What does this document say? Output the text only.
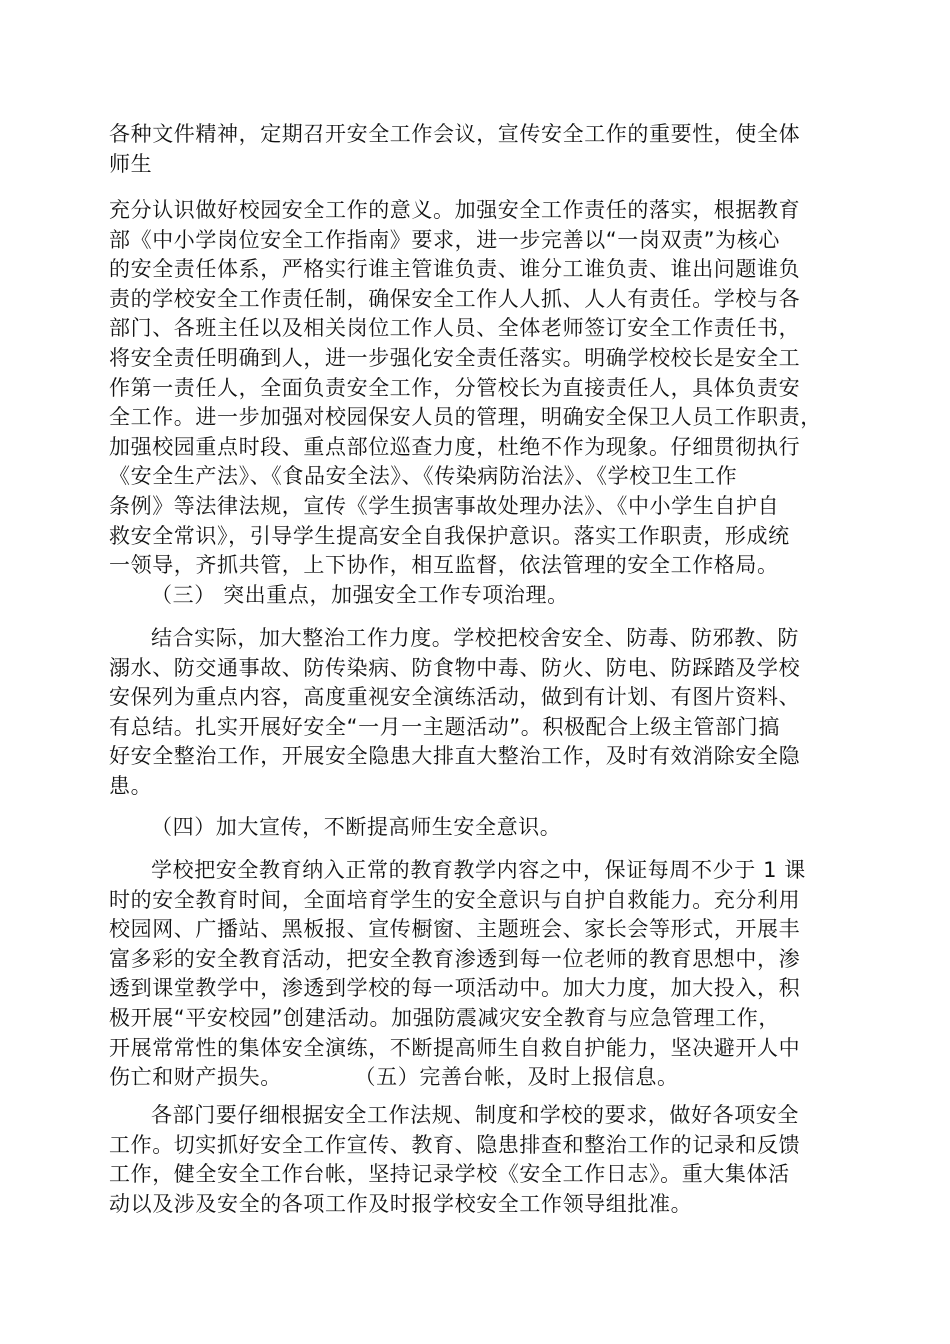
各种文件精神，定期召开安全工作会议，宣传安全工作的重要性，使全体
师生
充分认识做好校园安全工作的意义。加强安全工作责任的落实，根据教育
部《中小学岗位安全工作指南》要求，进一步完善以“一岗双责”为核心
的安全责任体系，严格实行谁主管谁负责、谁分工谁负责、谁出问题谁负
责的学校安全工作责任制，确保安全工作人人抓、人人有责任。学校与各
部门、各班主任以及相关岗位工作人员、全体老师签订安全工作责任书，
将安全责任明确到人，进一步强化安全责任落实。明确学校校长是安全工
作第一责任人，全面负责安全工作，分管校长为直接责任人，具体负责安
全工作。进一步加强对校园保安人员的管理，明确安全保卫人员工作职责，
加强校园重点时段、重点部位巡查力度，杜绝不作为现象。仔细贯彻执行
《安全生产法》、《食品安全法》、《传染病防治法》、《学校卫生工作
条例》等法律法规，宣传《学生损害事故处理办法》、《中小学生自护自
救安全常识》，引导学生提高安全自我保护意识。落实工作职责，形成统
一领导，齐抓共管，上下协作，相互监督，依法管理的安全工作格局。
（三） 突出重点，加强安全工作专项治理。
结合实际，加大整治工作力度。学校把校舍安全、防毒、防邪教、防
溺水、防交通事故、防传染病、防食物中毒、防火、防电、防踩踏及学校
安保列为重点内容，高度重视安全演练活动，做到有计划、有图片资料、
有总结。扎实开展好安全“一月一主题活动”。积极配合上级主管部门搞
好安全整治工作，开展安全隐患大排直大整治工作，及时有效消除安全隐
患。
（四）加大宣传，不断提高师生安全意识。
学校把安全教育纳入正常的教育教学内容之中，保证每周不少于 1 课
时的安全教育时间，全面培育学生的安全意识与自护自救能力。充分利用
校园网、广播站、黑板报、宣传橱窗、主题班会、家长会等形式，开展丰
富多彩的安全教育活动，把安全教育渗透到每一位老师的教育思想中，渗
透到课堂教学中，渗透到学校的每一项活动中。加大力度，加大投入，积
极开展“平安校园”创建活动。加强防震减灾安全教育与应急管理工作，
开展常常性的集体安全演练，不断提高师生自救自护能力，坚决避开人中
伤亡和财产损失。          （五）完善台帐，及时上报信息。
各部门要仔细根据安全工作法规、制度和学校的要求，做好各项安全
工作。切实抓好安全工作宣传、教育、隐患排查和整治工作的记录和反馈
工作，健全安全工作台帐，坚持记录学校《安全工作日志》。重大集体活
动以及涉及安全的各项工作及时报学校安全工作领导组批准。
